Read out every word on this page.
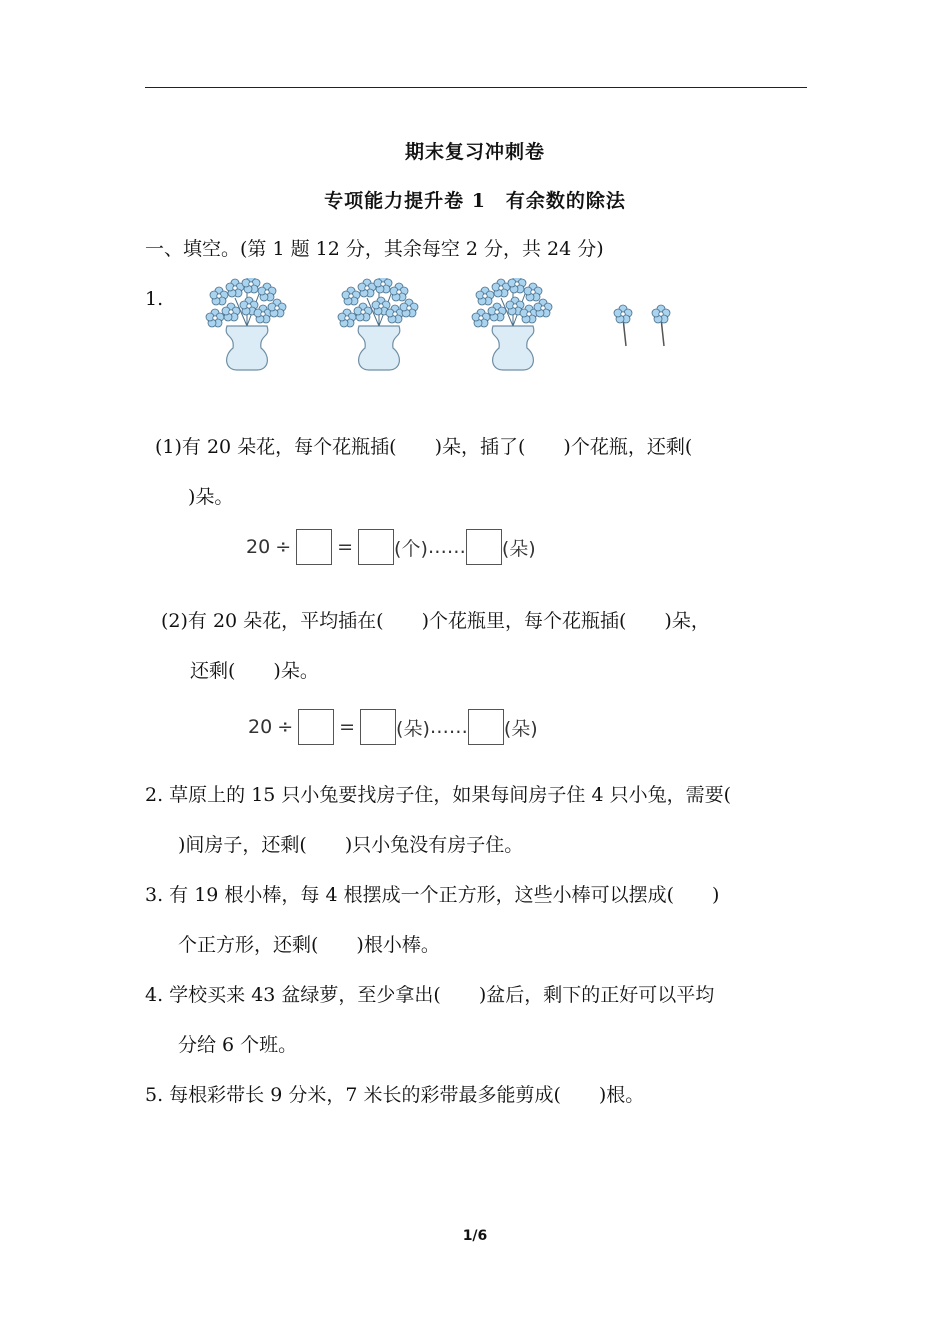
期末复习冲刺卷
专项能力提升卷 1　有余数的除法
一、填空。(第 1 题 12 分，其余每空 2 分，共 24 分)
1.
(1)有 20 朵花，每个花瓶插(　　)朵，插了(　　)个花瓶，还剩(
)朵。
20 ÷ = (个) …… (朵)
(2)有 20 朵花，平均插在(　　)个花瓶里，每个花瓶插(　　)朵，
还剩(　　)朵。
20 ÷ = (朵) …… (朵)
2. 草原上的 15 只小兔要找房子住，如果每间房子住 4 只小兔，需要(
)间房子，还剩(　　)只小兔没有房子住。
3. 有 19 根小棒，每 4 根摆成一个正方形，这些小棒可以摆成(　　)
个正方形，还剩(　　)根小棒。
4. 学校买来 43 盆绿萝，至少拿出(　　)盆后，剩下的正好可以平均
分给 6 个班。
5. 每根彩带长 9 分米，7 米长的彩带最多能剪成(　　)根。
1/6
